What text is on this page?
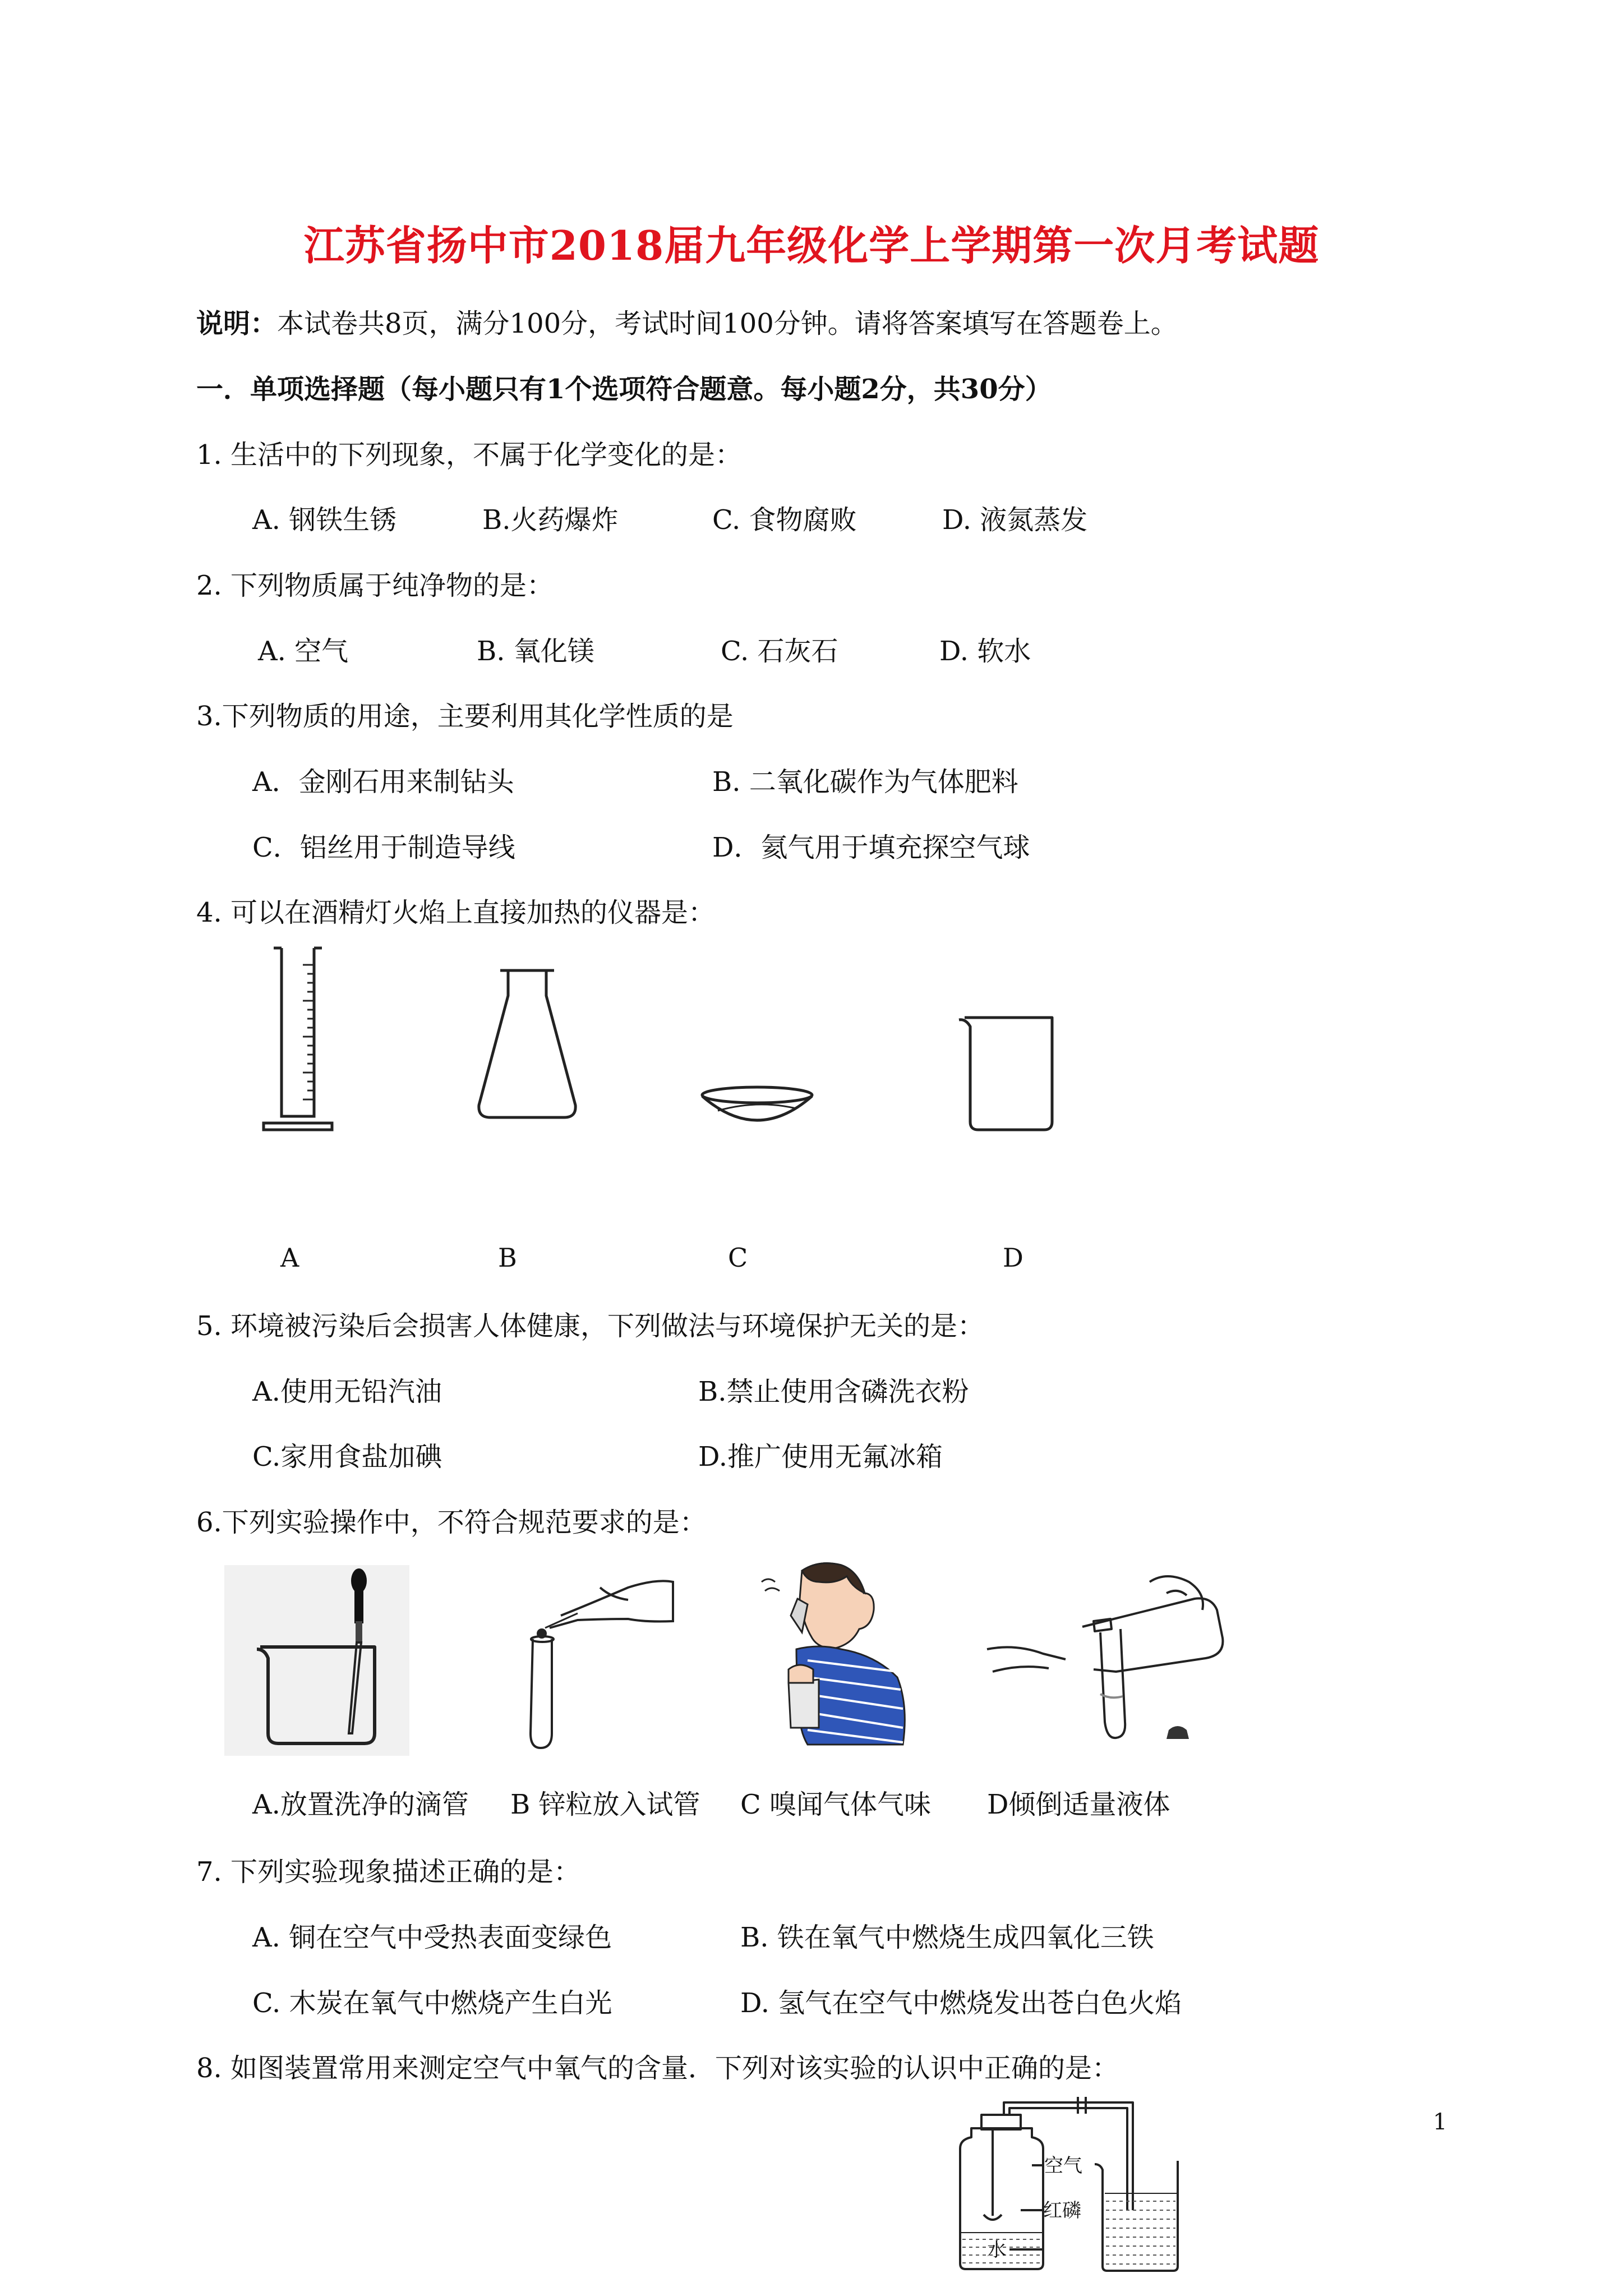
江苏省扬中市2018届九年级化学上学期第一次月考试题
说明：本试卷共8页，满分100分，考试时间100分钟。请将答案填写在答题卷上。
一．单项选择题（每小题只有1个选项符合题意。每小题2分，共30分）
1. 生活中的下列现象，不属于化学变化的是：
A. 钢铁生锈	B.火药爆炸	C. 食物腐败	D. 液氮蒸发
2. 下列物质属于纯净物的是：
A. 空气	B. 氧化镁	C. 石灰石	D. 软水
3.下列物质的用途，主要利用其化学性质的是
A．金刚石用来制钻头	B. 二氧化碳作为气体肥料
C．铝丝用于制造导线	D．氦气用于填充探空气球
4. 可以在酒精灯火焰上直接加热的仪器是：
A	B	C	D
5. 环境被污染后会损害人体健康，下列做法与环境保护无关的是：
A.使用无铅汽油	B.禁止使用含磷洗衣粉
C.家用食盐加碘	D.推广使用无氟冰箱
6.下列实验操作中，不符合规范要求的是：
A.放置洗净的滴管 B 锌粒放入试管 C 嗅闻气体气味 D倾倒适量液体
7. 下列实验现象描述正确的是：
A. 铜在空气中受热表面变绿色	B. 铁在氧气中燃烧生成四氧化三铁
C. 木炭在氧气中燃烧产生白光	D. 氢气在空气中燃烧发出苍白色火焰
8. 如图装置常用来测定空气中氧气的含量．下列对该实验的认识中正确的是：
空气
红磷
水
1
